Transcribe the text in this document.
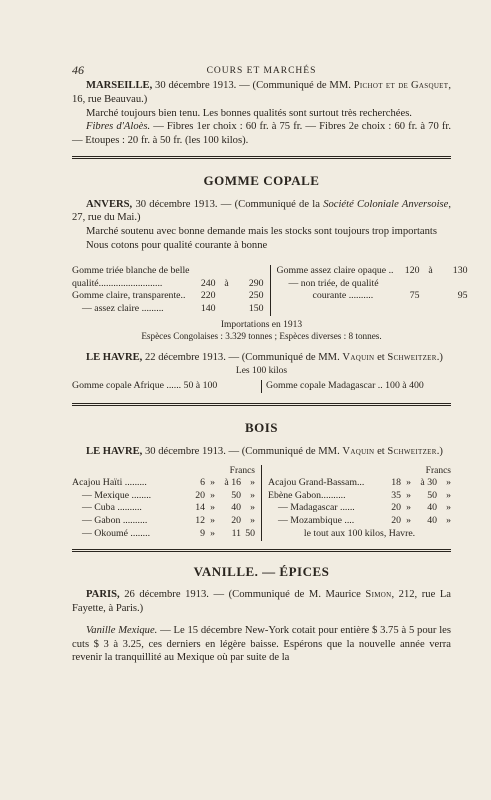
46	COURS ET MARCHÉS

MARSEILLE, 30 décembre 1913. — (Communiqué de MM. Pichot et de Gasquet, 16, rue Beauvau.)

Marché toujours bien tenu. Les bonnes qualités sont surtout très recherchées.

Fibres d'Aloès. — Fibres 1er choix : 60 fr. à 75 fr. — Fibres 2e choix : 60 fr. à 70 fr. — Etoupes : 20 fr. à 50 fr. (les 100 kilos).

GOMME COPALE

ANVERS, 30 décembre 1913. — (Communiqué de la Société Coloniale Anversoise, 27, rue du Mai.)

Marché soutenu avec bonne demande mais les stocks sont toujours trop importants

Nous cotons pour qualité courante à bonne

Gomme triée blanche de belle
qualité..........................	240 à	290
Gomme claire, transparente..	220	250
— assez claire .........	140	150
Gomme assez claire opaque ..	120 à	130
— non triée, de qualité
courante ..........	75	95
Importations en 1913
Espèces Congolaises : 3.329 tonnes ; Espèces diverses : 8 tonnes.

LE HAVRE, 22 décembre 1913. — (Communiqué de MM. Vaquin et Schweitzer.)

Les 100 kilos
Gomme copale Afrique ...... 50 à 100	Gomme copale Madagascar .. 100 à 400
BOIS

LE HAVRE, 30 décembre 1913. — (Communiqué de MM. Vaquin et Schweitzer.)

Francs
Acajou Haïti .........	6 » à 16 »
— Mexique ........	20 »	50 »
— Cuba ..........	14 »	40 »
— Gabon ..........	12 »	20 »
— Okoumé ........	9 »	11 50
Francs
Acajou Grand-Bassam...	18 » à 30 »
Ebène Gabon..........	35 »	50 »
— Madagascar ......	20 »	40 »
— Mozambique ....	20 »	40 »
le tout aux 100 kilos, Havre.
VANILLE. — ÉPICES

PARIS, 26 décembre 1913. — (Communiqué de M. Maurice Simon, 212, rue La Fayette, à Paris.)

Vanille Mexique. — Le 15 décembre New-York cotait pour entière $ 3.75 à 5 pour les cuts $ 3 à 3.25, ces derniers en légère baisse. Espérons que la nouvelle année verra revenir la tranquillité au Mexique où par suite de la
